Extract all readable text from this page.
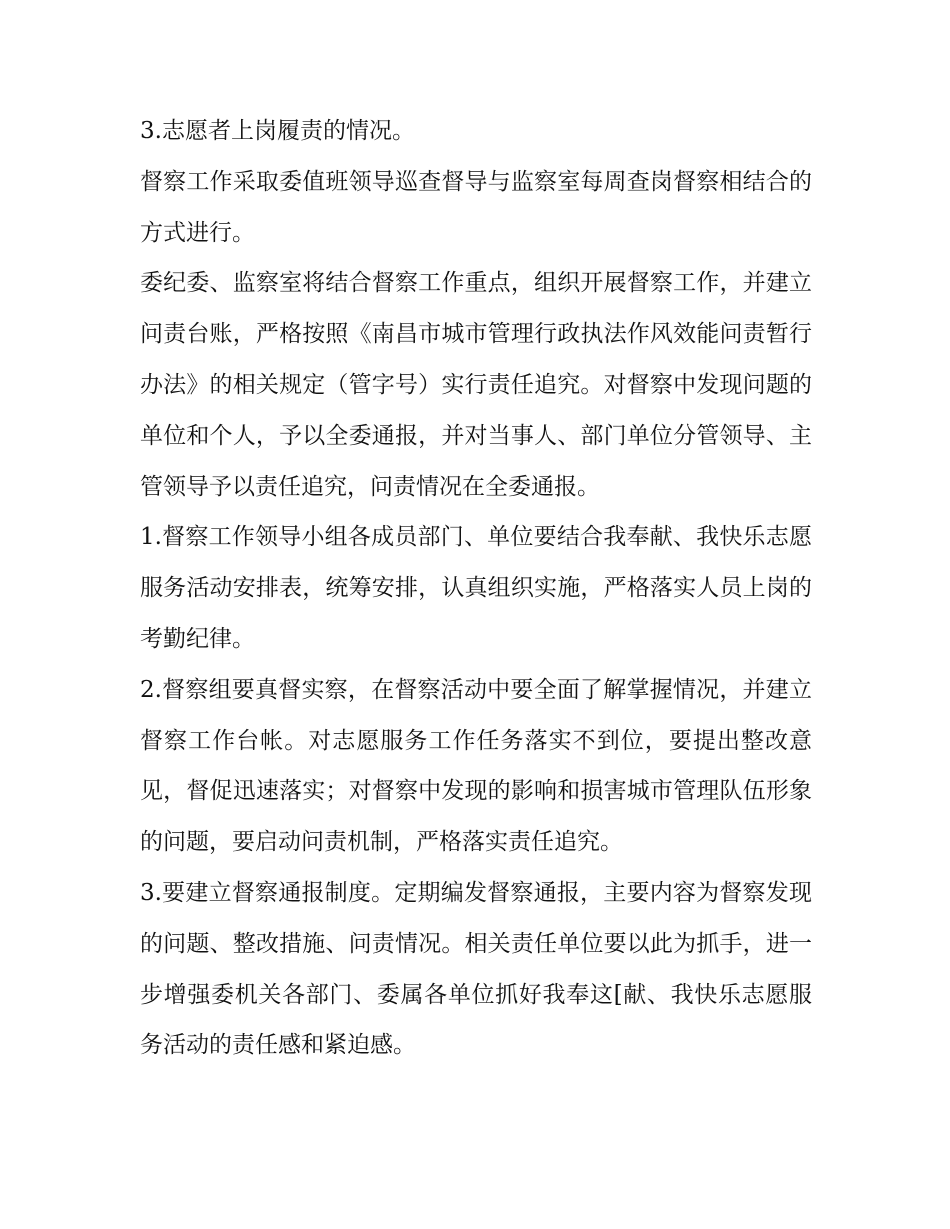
3.志愿者上岗履责的情况。

督察工作采取委值班领导巡查督导与监察室每周查岗督察相结合的方式进行。

委纪委、监察室将结合督察工作重点，组织开展督察工作，并建立问责台账，严格按照《南昌市城市管理行政执法作风效能问责暂行办法》的相关规定（管字号）实行责任追究。对督察中发现问题的单位和个人，予以全委通报，并对当事人、部门单位分管领导、主管领导予以责任追究，问责情况在全委通报。

1.督察工作领导小组各成员部门、单位要结合我奉献、我快乐志愿服务活动安排表，统筹安排，认真组织实施，严格落实人员上岗的考勤纪律。

2.督察组要真督实察，在督察活动中要全面了解掌握情况，并建立督察工作台帐。对志愿服务工作任务落实不到位，要提出整改意见，督促迅速落实；对督察中发现的影响和损害城市管理队伍形象的问题，要启动问责机制，严格落实责任追究。

3.要建立督察通报制度。定期编发督察通报，主要内容为督察发现的问题、整改措施、问责情况。相关责任单位要以此为抓手，进一步增强委机关各部门、委属各单位抓好我奉这[献、我快乐志愿服务活动的责任感和紧迫感。
